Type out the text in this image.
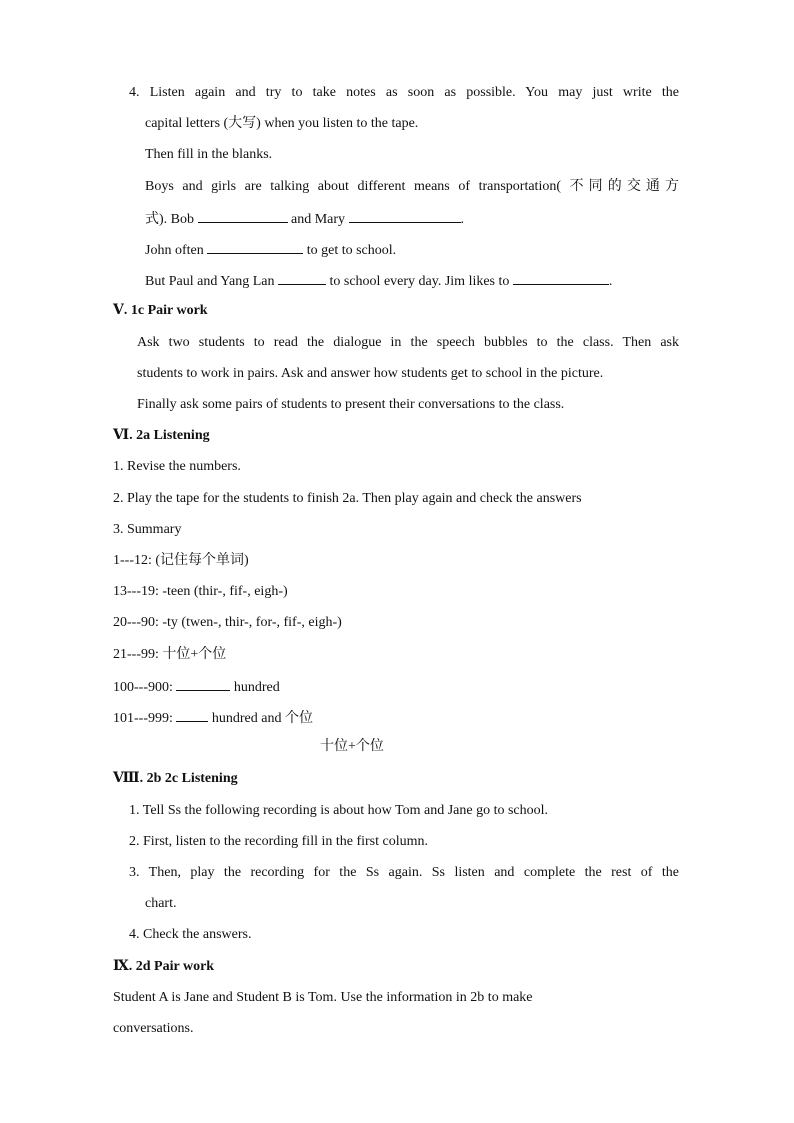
4. Listen again and try to take notes as soon as possible. You may just write the
capital letters (大写) when you listen to the tape.
Then fill in the blanks.
Boys and girls are talking about different means of transportation( 不同的交通方
式). Bob	and Mary	.
John often	to get to school.
But Paul and Yang Lan	to school every day. Jim likes to	.
Ⅴ. 1c Pair work
Ask two students to read the dialogue in the speech bubbles to the class. Then ask
students to work in pairs. Ask and answer how students get to school in the picture.
Finally ask some pairs of students to present their conversations to the class.
Ⅵ. 2a Listening
1. Revise the numbers.
2. Play the tape for the students to finish 2a. Then play again and check the answers
3. Summary
1---12: (记住每个单词)
13---19: -teen (thir-, fif-, eigh-)
20---90: -ty (twen-, thir-, for-, fif-, eigh-)
21---99: 十位+个位
100---900:	hundred
101---999:	hundred and 个位
十位+个位
Ⅷ. 2b 2c Listening
1. Tell Ss the following recording is about how Tom and Jane go to school.
2. First, listen to the recording fill in the first column.
3. Then, play the recording for the Ss again. Ss listen and complete the rest of the
chart.
4. Check the answers.
Ⅸ. 2d Pair work
Student A is Jane and Student B is Tom. Use the information in 2b to make
conversations.
